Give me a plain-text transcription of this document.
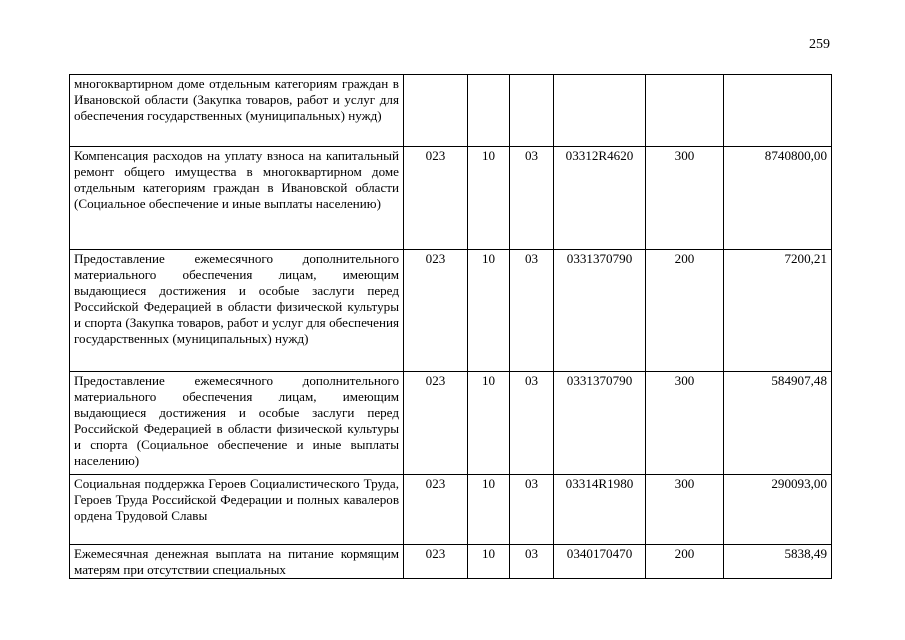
259
многоквартирном доме отдельным категориям граждан в Ивановской области (Закупка товаров, работ и услуг для обеспечения государственных (муниципальных) нужд)						
Компенсация расходов на уплату взноса на капитальный ремонт общего имущества в многоквартирном доме отдельным категориям граждан в Ивановской области (Социальное обеспечение и иные выплаты населению)	023	10	03	03312R4620	300	8740800,00
Предоставление ежемесячного дополнительного материального обеспечения лицам, имеющим выдающиеся достижения и особые заслуги перед Российской Федерацией в области физической культуры и спорта (Закупка товаров, работ и услуг для обеспечения государственных (муниципальных) нужд)	023	10	03	0331370790	200	7200,21
Предоставление ежемесячного дополнительного материального обеспечения лицам, имеющим выдающиеся достижения и особые заслуги перед Российской Федерацией в области физической культуры и спорта (Социальное обеспечение и иные выплаты населению)	023	10	03	0331370790	300	584907,48
Социальная поддержка Героев Социалистического Труда, Героев Труда Российской Федерации и полных кавалеров ордена Трудовой Славы	023	10	03	03314R1980	300	290093,00
Ежемесячная денежная выплата на питание кормящим матерям при отсутствии специальных	023	10	03	0340170470	200	5838,49
